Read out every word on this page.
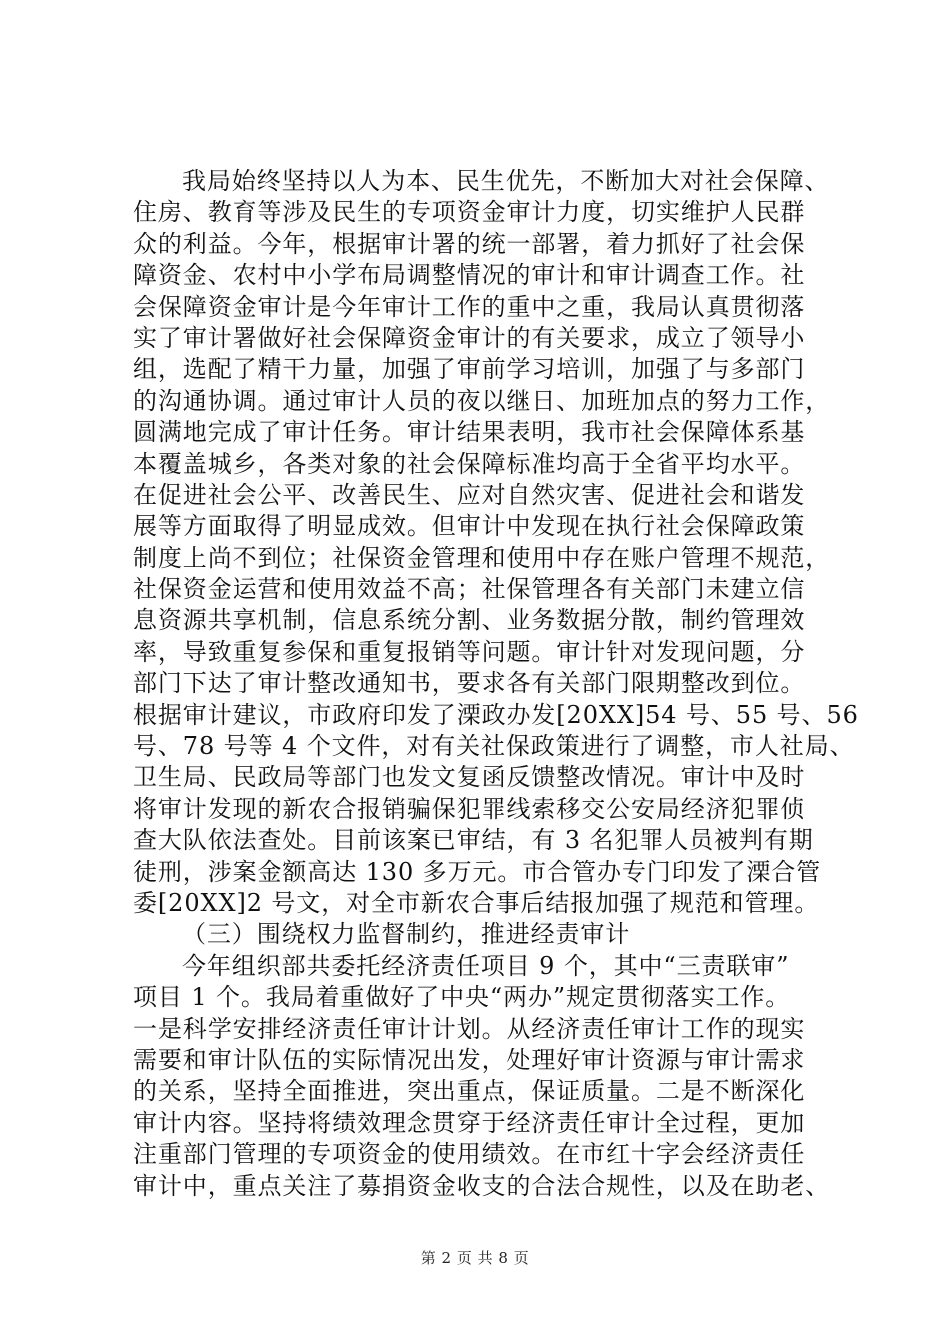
我局始终坚持以人为本、民生优先，不断加大对社会保障、
住房、教育等涉及民生的专项资金审计力度，切实维护人民群
众的利益。今年，根据审计署的统一部署，着力抓好了社会保
障资金、农村中小学布局调整情况的审计和审计调查工作。社
会保障资金审计是今年审计工作的重中之重，我局认真贯彻落
实了审计署做好社会保障资金审计的有关要求，成立了领导小
组，选配了精干力量，加强了审前学习培训，加强了与多部门
的沟通协调。通过审计人员的夜以继日、加班加点的努力工作，
圆满地完成了审计任务。审计结果表明，我市社会保障体系基
本覆盖城乡，各类对象的社会保障标准均高于全省平均水平。
在促进社会公平、改善民生、应对自然灾害、促进社会和谐发
展等方面取得了明显成效。但审计中发现在执行社会保障政策
制度上尚不到位；社保资金管理和使用中存在账户管理不规范，
社保资金运营和使用效益不高；社保管理各有关部门未建立信
息资源共享机制，信息系统分割、业务数据分散，制约管理效
率，导致重复参保和重复报销等问题。审计针对发现问题，分
部门下达了审计整改通知书，要求各有关部门限期整改到位。
根据审计建议，市政府印发了溧政办发[20XX]54 号、55 号、56
号、78 号等 4 个文件，对有关社保政策进行了调整，市人社局、
卫生局、民政局等部门也发文复函反馈整改情况。审计中及时
将审计发现的新农合报销骗保犯罪线索移交公安局经济犯罪侦
查大队依法查处。目前该案已审结，有 3 名犯罪人员被判有期
徒刑，涉案金额高达 130 多万元。市合管办专门印发了溧合管
委[20XX]2 号文，对全市新农合事后结报加强了规范和管理。
（三）围绕权力监督制约，推进经责审计
今年组织部共委托经济责任项目 9 个，其中“三责联审”
项目 1 个。我局着重做好了中央“两办”规定贯彻落实工作。
一是科学安排经济责任审计计划。从经济责任审计工作的现实
需要和审计队伍的实际情况出发，处理好审计资源与审计需求
的关系，坚持全面推进，突出重点，保证质量。二是不断深化
审计内容。坚持将绩效理念贯穿于经济责任审计全过程，更加
注重部门管理的专项资金的使用绩效。在市红十字会经济责任
审计中，重点关注了募捐资金收支的合法合规性，以及在助老、
第 2 页 共 8 页
